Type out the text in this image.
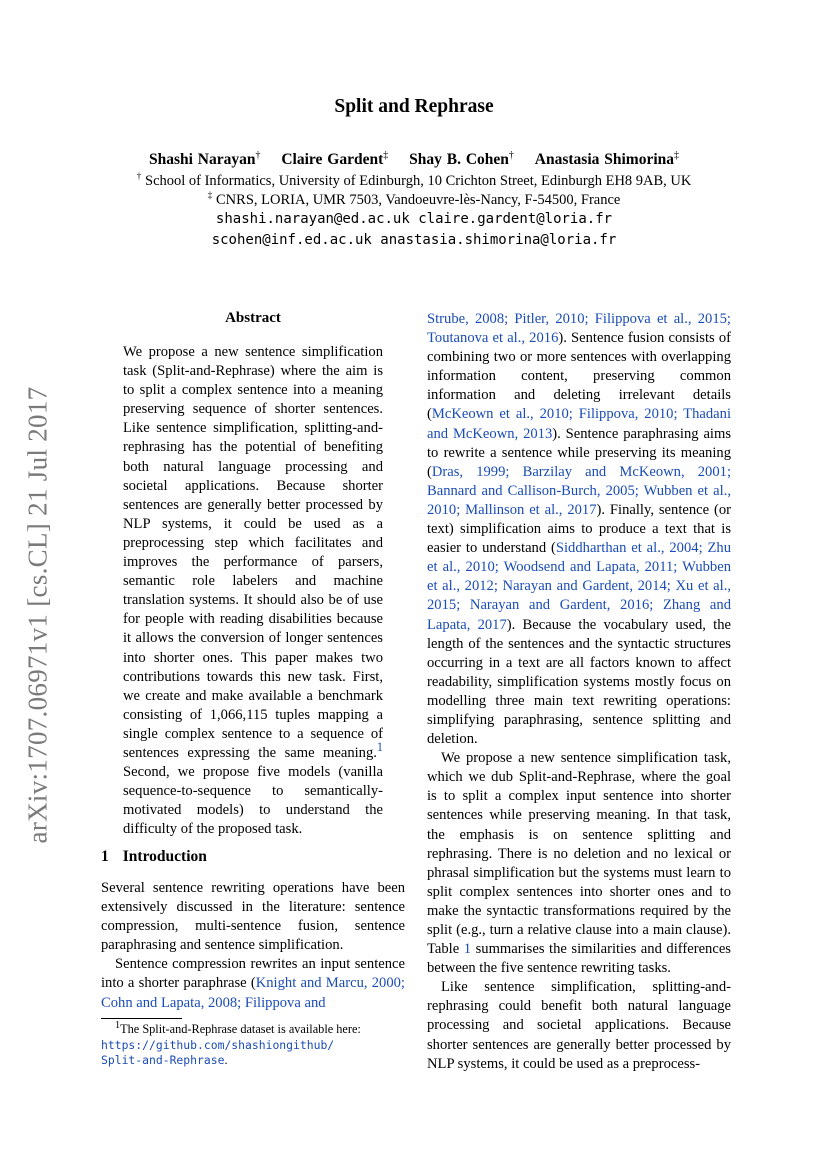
arXiv:1707.06971v1 [cs.CL] 21 Jul 2017
Split and Rephrase
Shashi Narayan† Claire Gardent‡ Shay B. Cohen† Anastasia Shimorina‡
† School of Informatics, University of Edinburgh, 10 Crichton Street, Edinburgh EH8 9AB, UK
‡ CNRS, LORIA, UMR 7503, Vandoeuvre-lès-Nancy, F-54500, France
shashi.narayan@ed.ac.uk claire.gardent@loria.fr
scohen@inf.ed.ac.uk anastasia.shimorina@loria.fr
Abstract

We propose a new sentence simplification task (Split-and-Rephrase) where the aim is to split a complex sentence into a meaning preserving sequence of shorter sentences. Like sentence simplification, splitting-and-rephrasing has the potential of benefiting both natural language processing and societal applications. Because shorter sentences are generally better processed by NLP systems, it could be used as a preprocessing step which facilitates and improves the performance of parsers, semantic role labelers and machine translation systems. It should also be of use for people with reading disabilities because it allows the conversion of longer sentences into shorter ones. This paper makes two contributions towards this new task. First, we create and make available a benchmark consisting of 1,066,115 tuples mapping a single complex sentence to a sequence of sentences expressing the same meaning.$^1$ Second, we propose five models (vanilla sequence-to-sequence to semantically-motivated models) to understand the difficulty of the proposed task.

1 Introduction

Several sentence rewriting operations have been extensively discussed in the literature: sentence compression, multi-sentence fusion, sentence paraphrasing and sentence simplification.

Sentence compression rewrites an input sentence into a shorter paraphrase (Knight and Marcu, 2000; Cohn and Lapata, 2008; Filippova and

$^1$The Split-and-Rephrase dataset is available here:
https://github.com/shashiongithub/
Split-and-Rephrase.

Strube, 2008; Pitler, 2010; Filippova et al., 2015; Toutanova et al., 2016). Sentence fusion consists of combining two or more sentences with overlapping information content, preserving common information and deleting irrelevant details (McKeown et al., 2010; Filippova, 2010; Thadani and McKeown, 2013). Sentence paraphrasing aims to rewrite a sentence while preserving its meaning (Dras, 1999; Barzilay and McKeown, 2001; Bannard and Callison-Burch, 2005; Wubben et al., 2010; Mallinson et al., 2017). Finally, sentence (or text) simplification aims to produce a text that is easier to understand (Siddharthan et al., 2004; Zhu et al., 2010; Woodsend and Lapata, 2011; Wubben et al., 2012; Narayan and Gardent, 2014; Xu et al., 2015; Narayan and Gardent, 2016; Zhang and Lapata, 2017). Because the vocabulary used, the length of the sentences and the syntactic structures occurring in a text are all factors known to affect readability, simplification systems mostly focus on modelling three main text rewriting operations: simplifying paraphrasing, sentence splitting and deletion.

We propose a new sentence simplification task, which we dub Split-and-Rephrase, where the goal is to split a complex input sentence into shorter sentences while preserving meaning. In that task, the emphasis is on sentence splitting and rephrasing. There is no deletion and no lexical or phrasal simplification but the systems must learn to split complex sentences into shorter ones and to make the syntactic transformations required by the split (e.g., turn a relative clause into a main clause). Table 1 summarises the similarities and differences between the five sentence rewriting tasks.

Like sentence simplification, splitting-and-rephrasing could benefit both natural language processing and societal applications. Because shorter sentences are generally better processed by NLP systems, it could be used as a preprocess-
